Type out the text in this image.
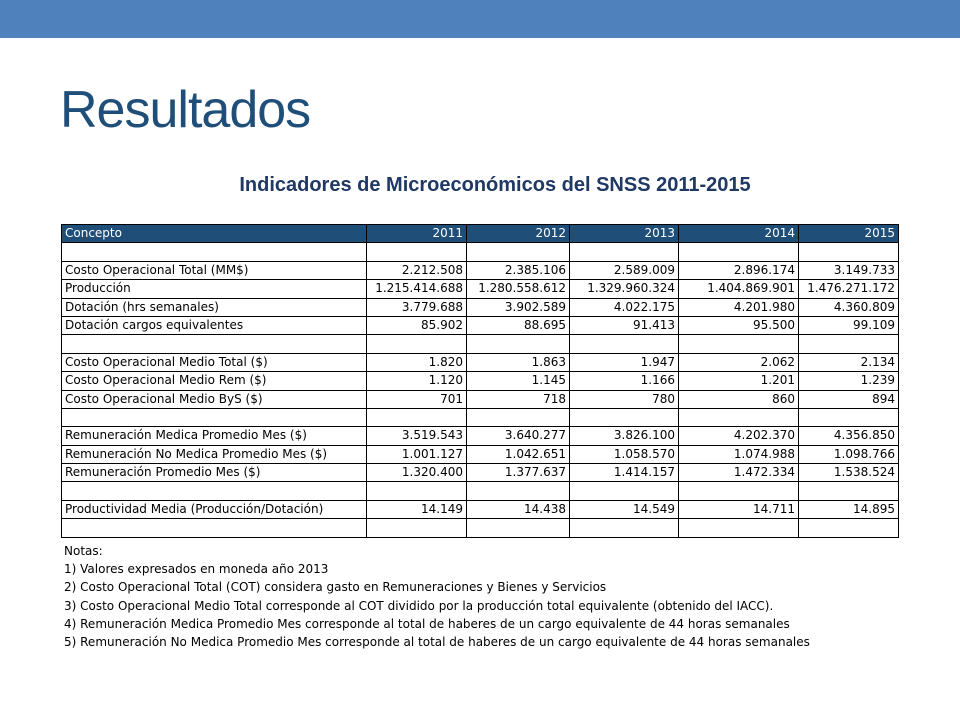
Resultados
Indicadores de Microeconómicos del SNSS 2011-2015
Concepto	2011	2012	2013	2014	2015

Costo Operacional Total (MM$)	2.212.508	2.385.106	2.589.009	2.896.174	3.149.733
Producción	1.215.414.688	1.280.558.612	1.329.960.324	1.404.869.901	1.476.271.172
Dotación (hrs semanales)	3.779.688	3.902.589	4.022.175	4.201.980	4.360.809
Dotación cargos equivalentes	85.902	88.695	91.413	95.500	99.109

Costo Operacional Medio Total ($)	1.820	1.863	1.947	2.062	2.134
Costo Operacional Medio Rem ($)	1.120	1.145	1.166	1.201	1.239
Costo Operacional Medio ByS ($)	701	718	780	860	894

Remuneración Medica Promedio Mes ($)	3.519.543	3.640.277	3.826.100	4.202.370	4.356.850
Remuneración No Medica Promedio Mes ($)	1.001.127	1.042.651	1.058.570	1.074.988	1.098.766
Remuneración Promedio Mes ($)	1.320.400	1.377.637	1.414.157	1.472.334	1.538.524

Productividad Media (Producción/Dotación)	14.149	14.438	14.549	14.711	14.895

Notas:
1) Valores expresados en moneda año 2013
2) Costo Operacional Total (COT) considera gasto en Remuneraciones y Bienes y Servicios
3) Costo Operacional Medio Total corresponde al COT dividido por la producción total equivalente (obtenido del IACC).
4) Remuneración Medica Promedio Mes corresponde al total de haberes de un cargo equivalente de 44 horas semanales
5) Remuneración No Medica Promedio Mes corresponde al total de haberes de un cargo equivalente de 44 horas semanales
